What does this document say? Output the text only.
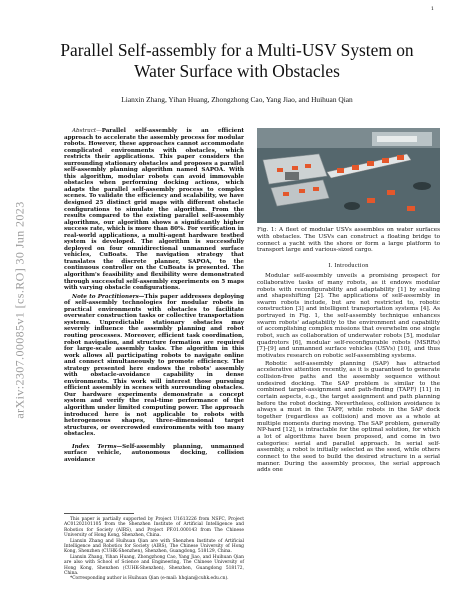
1
arXiv:2307.00085v1 [cs.RO] 30 Jun 2023
Parallel Self-assembly for a Multi-USV System on
Water Surface with Obstacles
Lianxin Zhang, Yihan Huang, Zhongzhong Cao, Yang Jiao, and Huihuan Qian

Abstract—Parallel self-assembly is an efficient approach to accelerate the assembly process for modular robots. However, these approaches cannot accommodate complicated environments with obstacles, which restricts their applications. This paper considers the surrounding stationary obstacles and proposes a parallel self-assembly planning algorithm named SAPOA. With this algorithm, modular robots can avoid immovable obstacles when performing docking actions, which adapts the parallel self-assembly process to complex scenes. To validate the efficiency and scalability, we have designed 25 distinct grid maps with different obstacle configurations to simulate the algorithm. From the results compared to the existing parallel self-assembly algorithms, our algorithm shows a significantly higher success rate, which is more than 80%. For verification in real-world applications, a multi-agent hardware testbed system is developed. The algorithm is successfully deployed on four omnidirectional unmanned surface vehicles, CuBoats. The navigation strategy that translates the discrete planner, SAPOA, to the continuous controller on the CuBoats is presented. The algorithm's feasibility and flexibility were demonstrated through successful self-assembly experiments on 5 maps with varying obstacle configurations.

Note to Practitioners—This paper addresses deploying of self-assembly technologies for modular robots in practical environments with obstacles to facilitate overwater construction tasks or collective transportation systems. Unpredictable stationary obstacles may severely influence the assembly planning and robot routing processes. Moreover, efficient task coordination, robot navigation, and structure formation are required for large-scale assembly tasks. The algorithm in this work allows all participating robots to navigate online and connect simultaneously to promote efficiency. The strategy presented here endows the robots' assembly with obstacle-avoidance capability in dense environments. This work will interest those pursuing efficient assembly in scenes with surrounding obstacles. Our hardware experiments demonstrate a concept system and verify the real-time performance of the algorithm under limited computing power. The approach introduced here is not applicable to robots with heterogeneous shapes, three-dimensional target structures, or overcrowded environments with too many obstacles.

Index Terms—Self-assembly planning, unmanned surface vehicle, autonomous docking, collision avoidance

This paper is partially supported by Project U1613226 from NSFC, Project AC01202101105 from the Shenzhen Institute of Artificial Intelligence and Robotics for Society (AIRS), and Project PF.01.000143 from The Chinese University of Hong Kong, Shenzhen, China.

Lianxin Zhang and Huihuan Qian are with Shenzhen Institute of Artificial Intelligence and Robotics for Society (AIRS), The Chinese University of Hong Kong, Shenzhen (CUHK-Shenzhen), Shenzhen, Guangdong, 518129, China.

Lianxin Zhang, Yihan Huang, Zhongzhong Cao, Yang Jiao, and Huihuan Qian are also with School of Science and Engineering, The Chinese University of Hong Kong, Shenzhen (CUHK-Shenzhen), Shenzhen, Guangdong 518172, China.

*Corresponding author is Huihuan Qian (e-mail: hhqian@cuhk.edu.cn).

Fig. 1: A fleet of modular USVs assembles on water surfaces with obstacles. The USVs can construct a floating bridge to connect a yacht with the shore or form a large platform to transport large and various-sized cargo.

I. Introduction

Modular self-assembly unveils a promising prospect for collaborative tasks of many robots, as it endows modular robots with reconfigurability and adaptability [1] by scaling and shapeshifting [2]. The applications of self-assembly in swarm robots include, but are not restricted to, robotic construction [3] and intelligent transportation systems [4]. As portrayed in Fig. 1, the self-assembly technique enhances swarm robots' adaptability to the environment and capability of accomplishing complex missions that overwhelm one single robot, such as collaboration of underwater robots [5], modular quadrotors [6], modular self-reconfigurable robots (MSRRs) [7]–[9] and unmanned surface vehicles (USVs) [10], and thus motivates research on robotic self-assembling systems.

Robotic self-assembly planning (SAP) has attracted accelerative attention recently, as it is guaranteed to generate collision-free paths and the assembly sequence without undesired docking. The SAP problem is similar to the combined target-assignment and path-finding (TAPF) [11] in certain aspects, e.g., the target assignment and path planning before the robot docking. Nevertheless, collision avoidance is always a must in the TAPF, while robots in the SAP dock together (regardless as collision) and move as a whole at multiple moments during moving. The SAP problem, generally NP-hard [12], is intractable for the optimal solution, for which a lot of algorithms have been proposed, and come in two categories: serial and parallel approach. In serial self-assembly, a robot is initially selected as the seed, while others connect to the seed to build the desired structure in a serial manner. During the assembly process, the serial approach adds one
